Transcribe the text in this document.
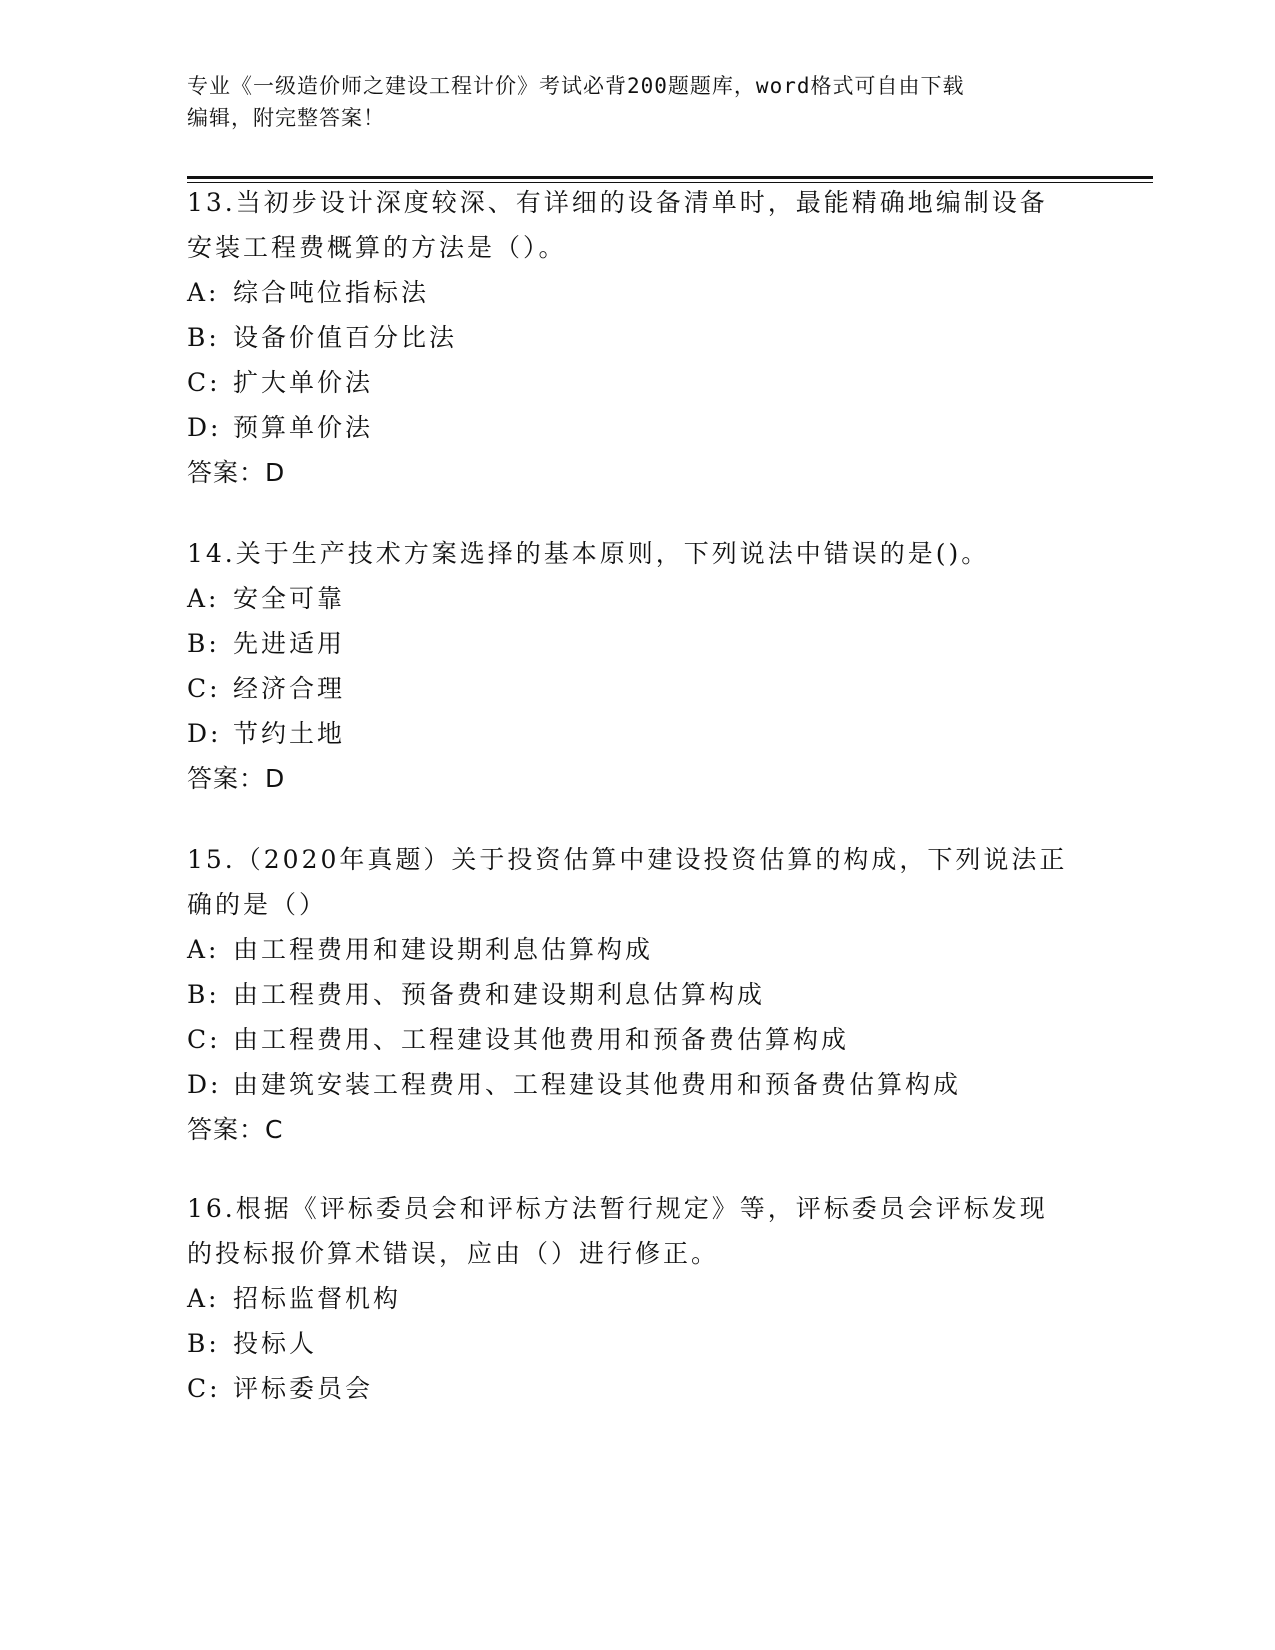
专业《一级造价师之建设工程计价》考试必背200题题库，word格式可自由下载
编辑，附完整答案！

13.当初步设计深度较深、有详细的设备清单时，最能精确地编制设备

安装工程费概算的方法是（）。

A: 综合吨位指标法

B: 设备价值百分比法

C: 扩大单价法

D: 预算单价法

答案：D

14.关于生产技术方案选择的基本原则，下列说法中错误的是()。

A: 安全可靠

B: 先进适用

C: 经济合理

D: 节约土地

答案：D

15.（2020年真题）关于投资估算中建设投资估算的构成，下列说法正

确的是（）

A: 由工程费用和建设期利息估算构成

B: 由工程费用、预备费和建设期利息估算构成

C: 由工程费用、工程建设其他费用和预备费估算构成

D: 由建筑安装工程费用、工程建设其他费用和预备费估算构成

答案：C

16.根据《评标委员会和评标方法暂行规定》等，评标委员会评标发现

的投标报价算术错误，应由（）进行修正。

A: 招标监督机构

B: 投标人

C: 评标委员会
